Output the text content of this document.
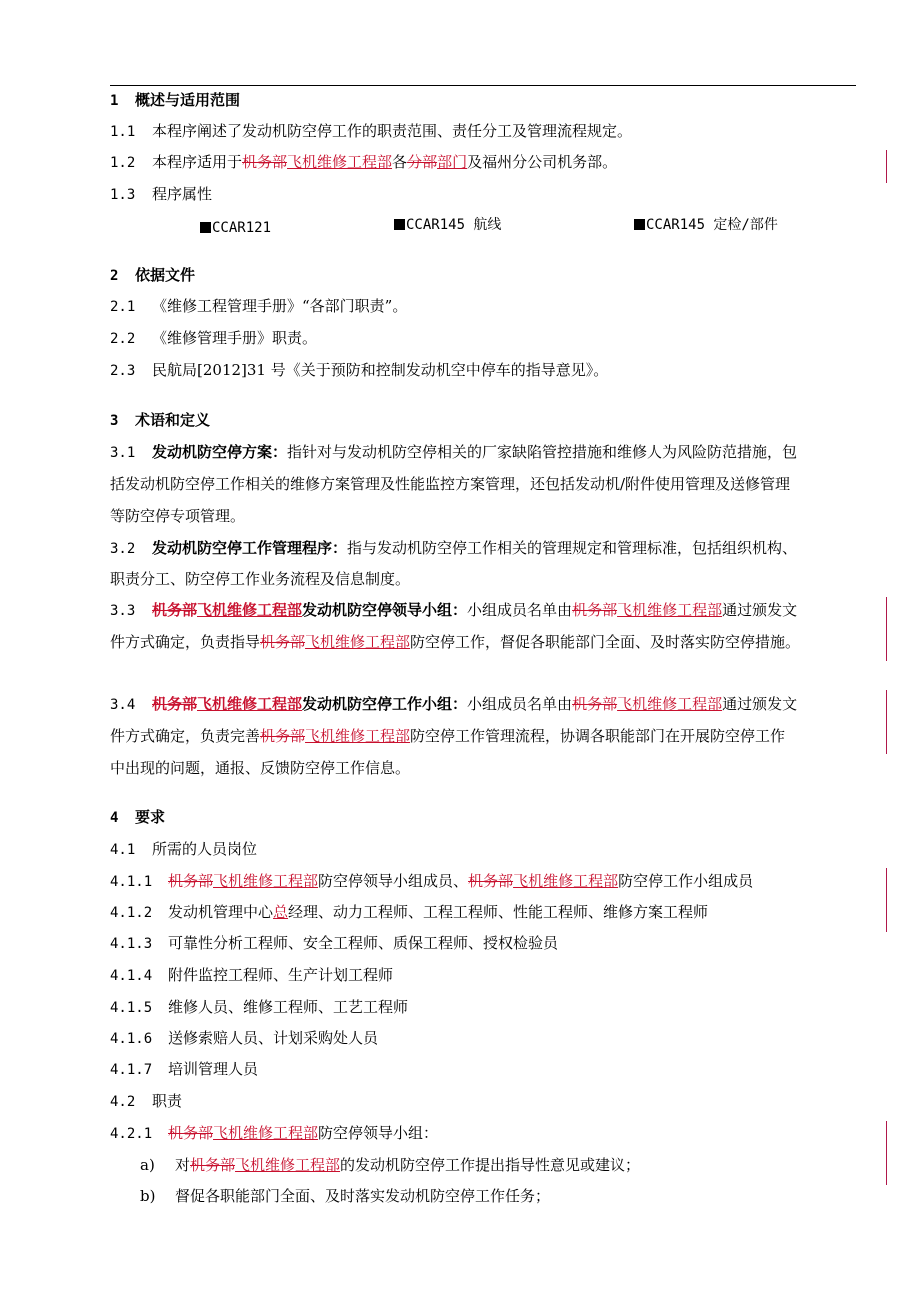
1 概述与适用范围
1.1 本程序阐述了发动机防空停工作的职责范围、责任分工及管理流程规定。
1.2 本程序适用于机务部飞机维修工程部各分部部门及福州分公司机务部。
1.3 程序属性
CCAR121	CCAR145 航线	CCAR145 定检/部件
2 依据文件
2.1 《维修工程管理手册》“各部门职责”。
2.2 《维修管理手册》职责。
2.3 民航局[2012]31 号《关于预防和控制发动机空中停车的指导意见》。
3 术语和定义
3.1 发动机防空停方案：指针对与发动机防空停相关的厂家缺陷管控措施和维修人为风险防范措施，包
括发动机防空停工作相关的维修方案管理及性能监控方案管理，还包括发动机/附件使用管理及送修管理
等防空停专项管理。
3.2 发动机防空停工作管理程序：指与发动机防空停工作相关的管理规定和管理标准，包括组织机构、
职责分工、防空停工作业务流程及信息制度。
3.3 机务部飞机维修工程部发动机防空停领导小组：小组成员名单由机务部飞机维修工程部通过颁发文
件方式确定，负责指导机务部飞机维修工程部防空停工作，督促各职能部门全面、及时落实防空停措施。
3.4 机务部飞机维修工程部发动机防空停工作小组：小组成员名单由机务部飞机维修工程部通过颁发文
件方式确定，负责完善机务部飞机维修工程部防空停工作管理流程，协调各职能部门在开展防空停工作
中出现的问题，通报、反馈防空停工作信息。
4 要求
4.1 所需的人员岗位
4.1.1 机务部飞机维修工程部防空停领导小组成员、机务部飞机维修工程部防空停工作小组成员
4.1.2 发动机管理中心总经理、动力工程师、工程工程师、性能工程师、维修方案工程师
4.1.3 可靠性分析工程师、安全工程师、质保工程师、授权检验员
4.1.4 附件监控工程师、生产计划工程师
4.1.5 维修人员、维修工程师、工艺工程师
4.1.6 送修索赔人员、计划采购处人员
4.1.7 培训管理人员
4.2 职责
4.2.1 机务部飞机维修工程部防空停领导小组：
a) 对机务部飞机维修工程部的发动机防空停工作提出指导性意见或建议；
b) 督促各职能部门全面、及时落实发动机防空停工作任务；
